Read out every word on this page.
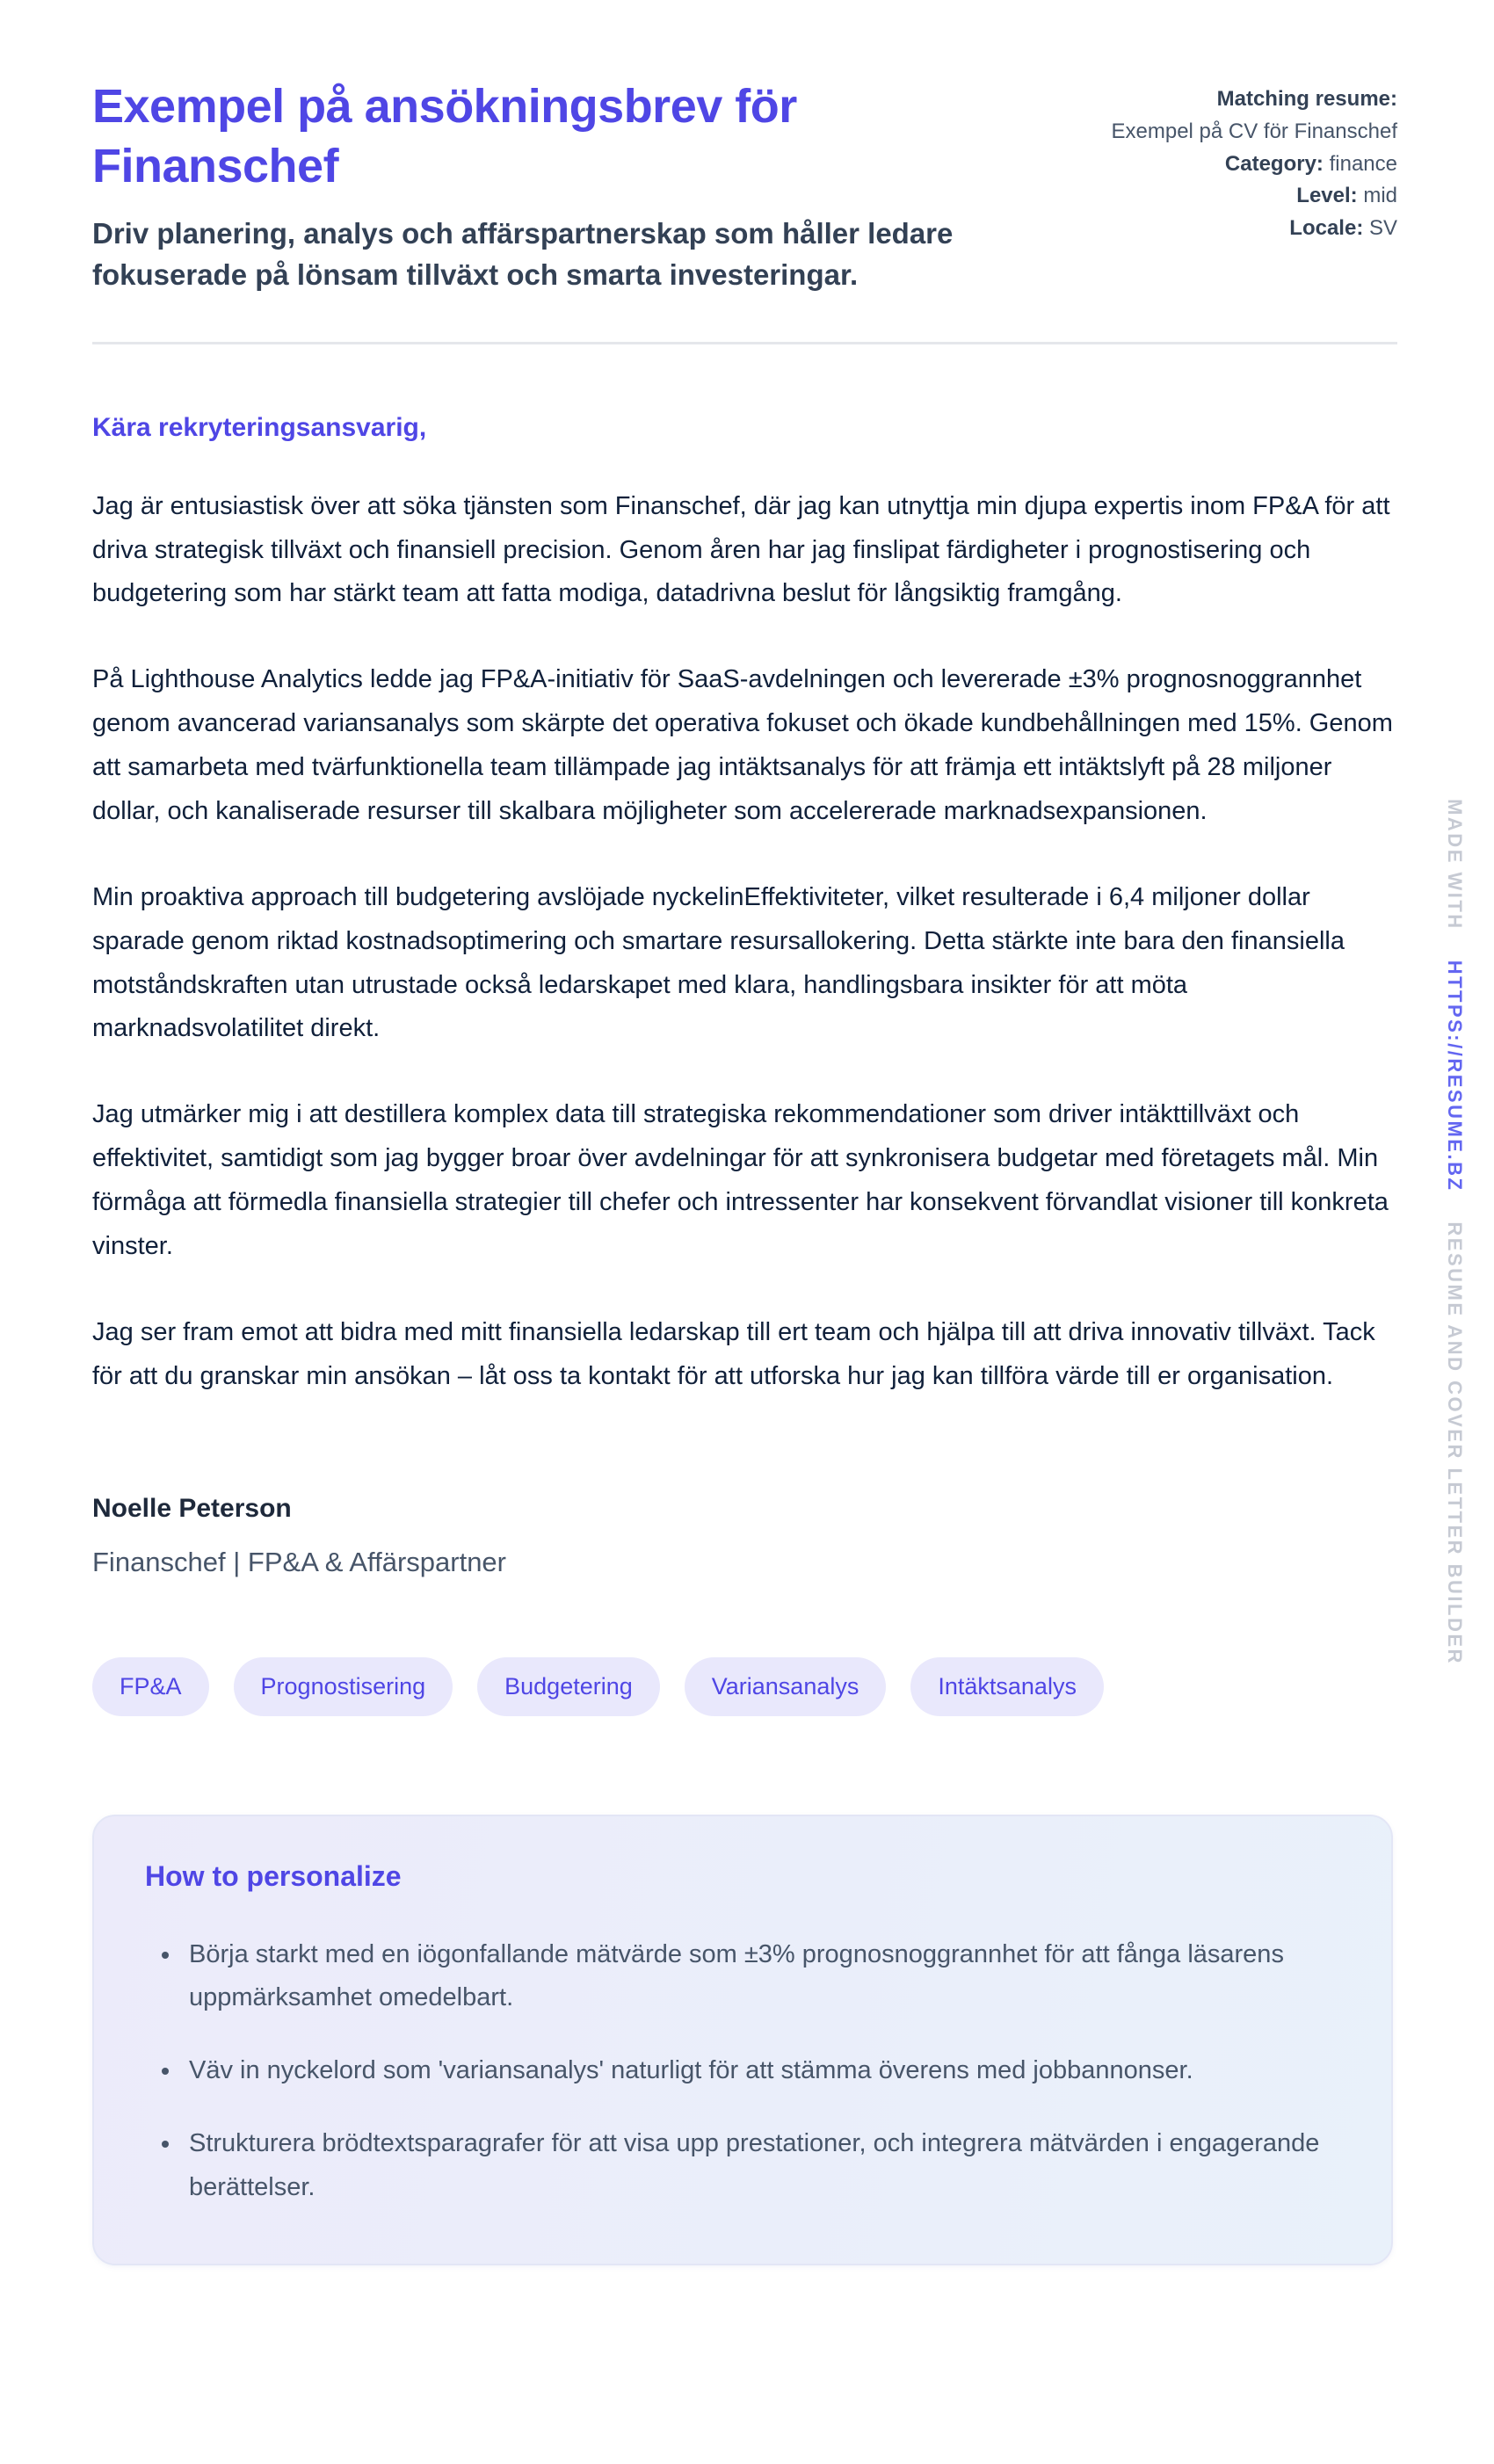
Exempel på ansökningsbrev för Finanschef
Driv planering, analys och affärspartnerskap som håller ledare fokuserade på lönsam tillväxt och smarta investeringar.
Matching resume:
Exempel på CV för Finanschef
Category: finance
Level: mid
Locale: SV
Kära rekryteringsansvarig,

Jag är entusiastisk över att söka tjänsten som Finanschef, där jag kan utnyttja min djupa expertis inom FP&A för att driva strategisk tillväxt och finansiell precision. Genom åren har jag finslipat färdigheter i prognostisering och budgetering som har stärkt team att fatta modiga, datadrivna beslut för långsiktig framgång.

På Lighthouse Analytics ledde jag FP&A-initiativ för SaaS-avdelningen och levererade ±3% prognosnoggrannhet genom avancerad variansanalys som skärpte det operativa fokuset och ökade kundbehållningen med 15%. Genom att samarbeta med tvärfunktionella team tillämpade jag intäktsanalys för att främja ett intäktslyft på 28 miljoner dollar, och kanaliserade resurser till skalbara möjligheter som accelererade marknadsexpansionen.

Min proaktiva approach till budgetering avslöjade nyckelinEffektiviteter, vilket resulterade i 6,4 miljoner dollar sparade genom riktad kostnadsoptimering och smartare resursallokering. Detta stärkte inte bara den finansiella motståndskraften utan utrustade också ledarskapet med klara, handlingsbara insikter för att möta marknadsvolatilitet direkt.

Jag utmärker mig i att destillera komplex data till strategiska rekommendationer som driver intäkttillväxt och effektivitet, samtidigt som jag bygger broar över avdelningar för att synkronisera budgetar med företagets mål. Min förmåga att förmedla finansiella strategier till chefer och intressenter har konsekvent förvandlat visioner till konkreta vinster.

Jag ser fram emot att bidra med mitt finansiella ledarskap till ert team och hjälpa till att driva innovativ tillväxt. Tack för att du granskar min ansökan – låt oss ta kontakt för att utforska hur jag kan tillföra värde till er organisation.

Noelle Peterson
Finanschef | FP&A & Affärspartner
FP&A	Prognostisering	Budgetering	Variansanalys	Intäktsanalys
How to personalize
• Börja starkt med en iögonfallande mätvärde som ±3% prognosnoggrannhet för att fånga läsarens uppmärksamhet omedelbart.
• Väv in nyckelord som 'variansanalys' naturligt för att stämma överens med jobbannonser.
• Strukturera brödtextsparagrafer för att visa upp prestationer, och integrera mätvärden i engagerande berättelser.
MADE WITHHTTPS://RESUME.BZRESUME AND COVER LETTER BUILDER
